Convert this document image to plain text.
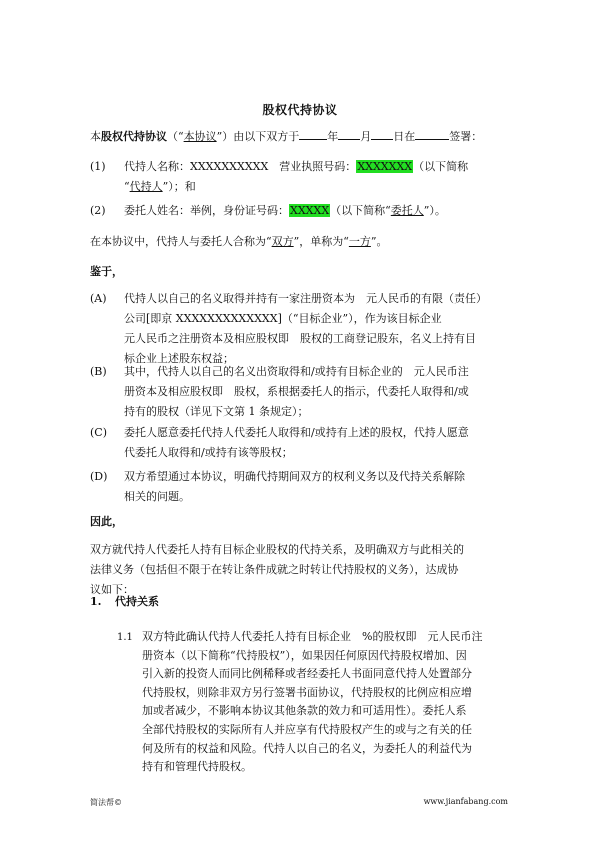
股权代持协议
本股权代持协议（“本协议”）由以下双方于	年 月 日在	签署：
(1) 代持人名称：XXXXXXXXXX　营业执照号码：XXXXXXX（以下简称
“代持人”）；和
(2) 委托人姓名：举例，身份证号码：XXXXX（以下简称“委托人”）。
在本协议中，代持人与委托人合称为“双方”，单称为“一方”。
鉴于，
(A) 代持人以自己的名义取得并持有一家注册资本为　元人民币的有限（责任）
公司[即京 XXXXXXXXXXXXX]（“目标企业”），作为该目标企业
元人民币之注册资本及相应股权即　股权的工商登记股东，名义上持有目
标企业上述股东权益；
(B) 其中，代持人以自己的名义出资取得和/或持有目标企业的　元人民币注
册资本及相应股权即　股权，系根据委托人的指示，代委托人取得和/或
持有的股权（详见下文第 1 条规定）；
(C) 委托人愿意委托代持人代委托人取得和/或持有上述的股权，代持人愿意
代委托人取得和/或持有该等股权；
(D) 双方希望通过本协议，明确代持期间双方的权利义务以及代持关系解除
相关的问题。
因此，
双方就代持人代委托人持有目标企业股权的代持关系，及明确双方与此相关的
法律义务（包括但不限于在转让条件成就之时转让代持股权的义务），达成协
议如下：
1. 代持关系
1.1 双方特此确认代持人代委托人持有目标企业　%的股权即　元人民币注
册资本（以下简称“代持股权”），如果因任何原因代持股权增加、因
引入新的投资人而同比例稀释或者经委托人书面同意代持人处置部分
代持股权，则除非双方另行签署书面协议，代持股权的比例应相应增
加或者减少，不影响本协议其他条款的效力和可适用性）。委托人系
全部代持股权的实际所有人并应享有代持股权产生的或与之有关的任
何及所有的权益和风险。代持人以自己的名义，为委托人的利益代为
持有和管理代持股权。
简法帮©	www.jianfabang.com
